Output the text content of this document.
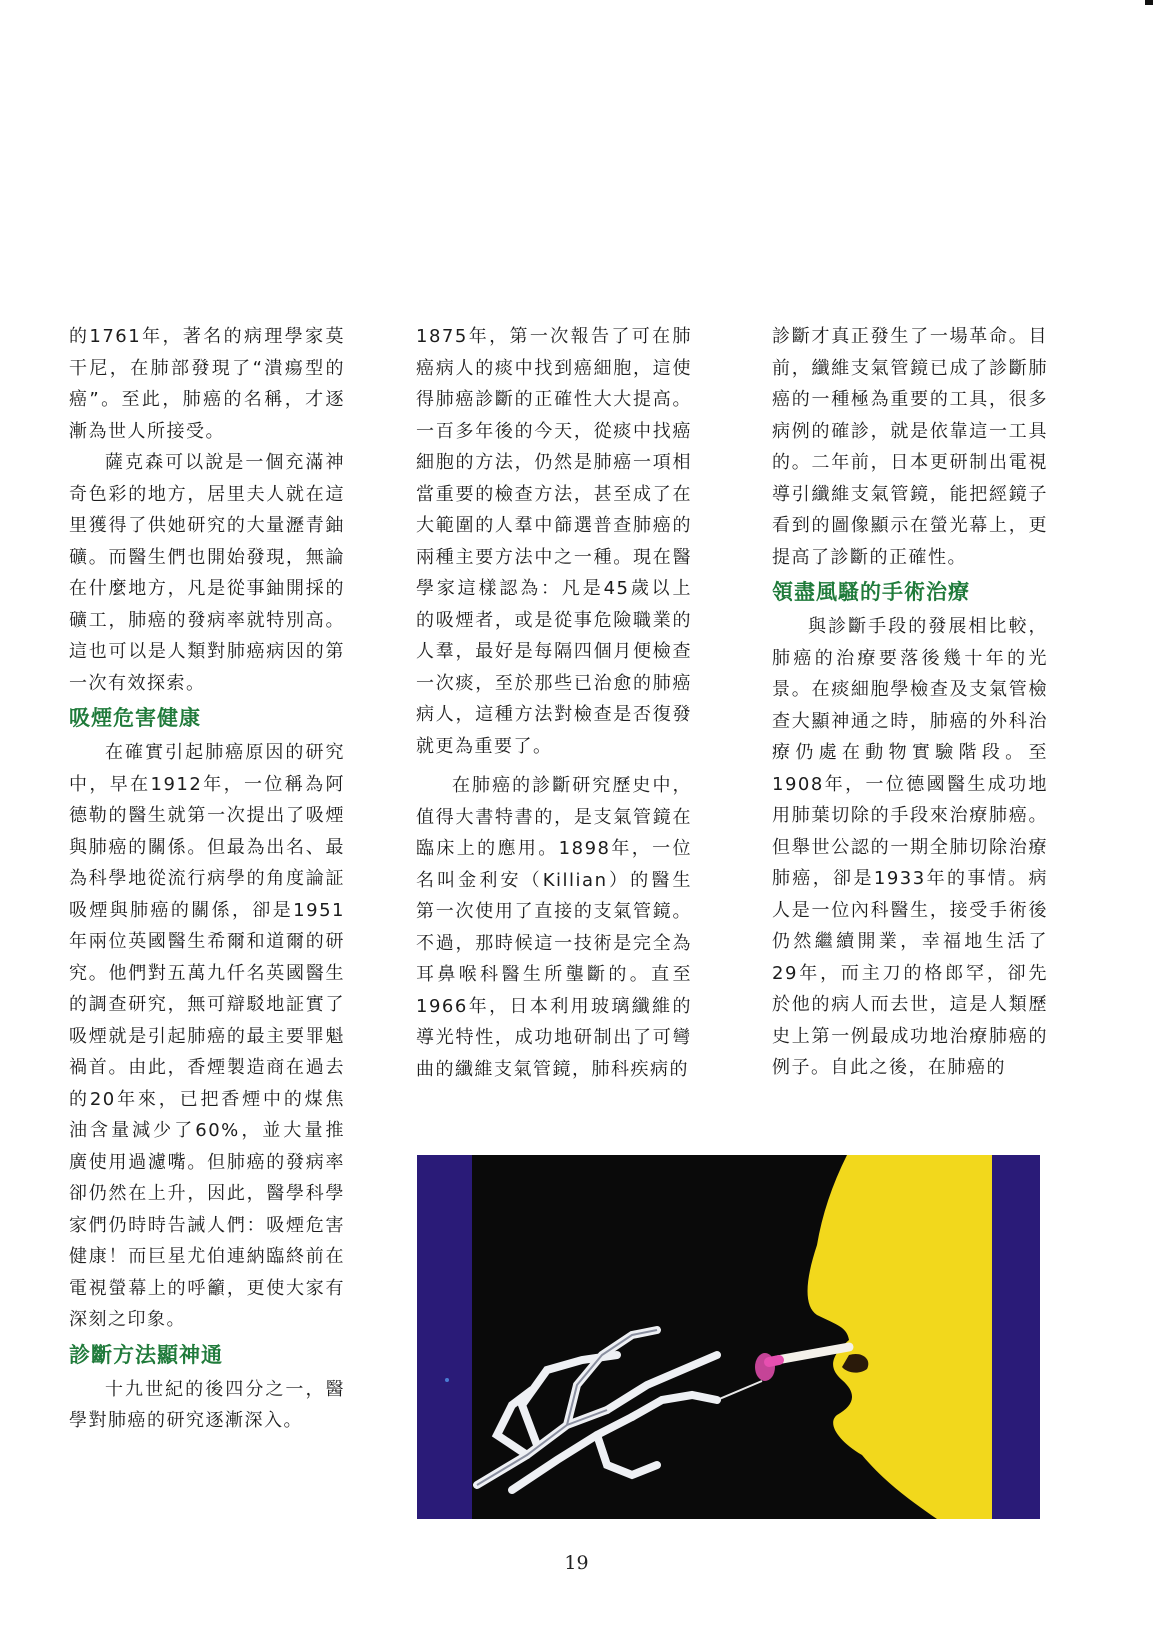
的1761年，著名的病理學家莫干尼，在肺部發現了“潰瘍型的癌”。至此，肺癌的名稱，才逐漸為世人所接受。

薩克森可以說是一個充滿神奇色彩的地方，居里夫人就在這里獲得了供她研究的大量瀝青鈾礦。而醫生們也開始發現，無論在什麼地方，凡是從事鈾開採的礦工，肺癌的發病率就特別高。這也可以是人類對肺癌病因的第一次有效探索。

吸煙危害健康

在確實引起肺癌原因的研究中，早在1912年，一位稱為阿德勒的醫生就第一次提出了吸煙與肺癌的關係。但最為出名、最為科學地從流行病學的角度論証吸煙與肺癌的關係，卻是1951年兩位英國醫生希爾和道爾的研究。他們對五萬九仟名英國醫生的調查研究，無可辯駁地証實了吸煙就是引起肺癌的最主要罪魁禍首。由此，香煙製造商在過去的20年來，已把香煙中的煤焦油含量減少了60%，並大量推廣使用過濾嘴。但肺癌的發病率卻仍然在上升，因此，醫學科學家們仍時時告誡人們：吸煙危害健康！而巨星尤伯連納臨終前在電視螢幕上的呼籲，更使大家有深刻之印象。

診斷方法顯神通

十九世紀的後四分之一，醫學對肺癌的研究逐漸深入。

1875年，第一次報告了可在肺癌病人的痰中找到癌細胞，這使得肺癌診斷的正確性大大提高。一百多年後的今天，從痰中找癌細胞的方法，仍然是肺癌一項相當重要的檢查方法，甚至成了在大範圍的人羣中篩選普查肺癌的兩種主要方法中之一種。現在醫學家這樣認為：凡是45歲以上的吸煙者，或是從事危險職業的人羣，最好是每隔四個月便檢查一次痰，至於那些已治愈的肺癌病人，這種方法對檢查是否復發就更為重要了。

在肺癌的診斷研究歷史中，值得大書特書的，是支氣管鏡在臨床上的應用。1898年，一位名叫金利安（Killian）的醫生第一次使用了直接的支氣管鏡。不過，那時候這一技術是完全為耳鼻喉科醫生所壟斷的。直至1966年，日本利用玻璃纖維的導光特性，成功地研制出了可彎曲的纖維支氣管鏡，肺科疾病的

診斷才真正發生了一場革命。目前，纖維支氣管鏡已成了診斷肺癌的一種極為重要的工具，很多病例的確診，就是依靠這一工具的。二年前，日本更研制出電視導引纖維支氣管鏡，能把經鏡子看到的圖像顯示在螢光幕上，更提高了診斷的正確性。

領盡風騷的手術治療

與診斷手段的發展相比較，肺癌的治療要落後幾十年的光景。在痰細胞學檢查及支氣管檢查大顯神通之時，肺癌的外科治療仍處在動物實驗階段。至1908年，一位德國醫生成功地用肺葉切除的手段來治療肺癌。但舉世公認的一期全肺切除治療肺癌，卻是1933年的事情。病人是一位內科醫生，接受手術後仍然繼續開業，幸福地生活了29年，而主刀的格郎罕，卻先於他的病人而去世，這是人類歷史上第一例最成功地治療肺癌的例子。自此之後，在肺癌的

19
